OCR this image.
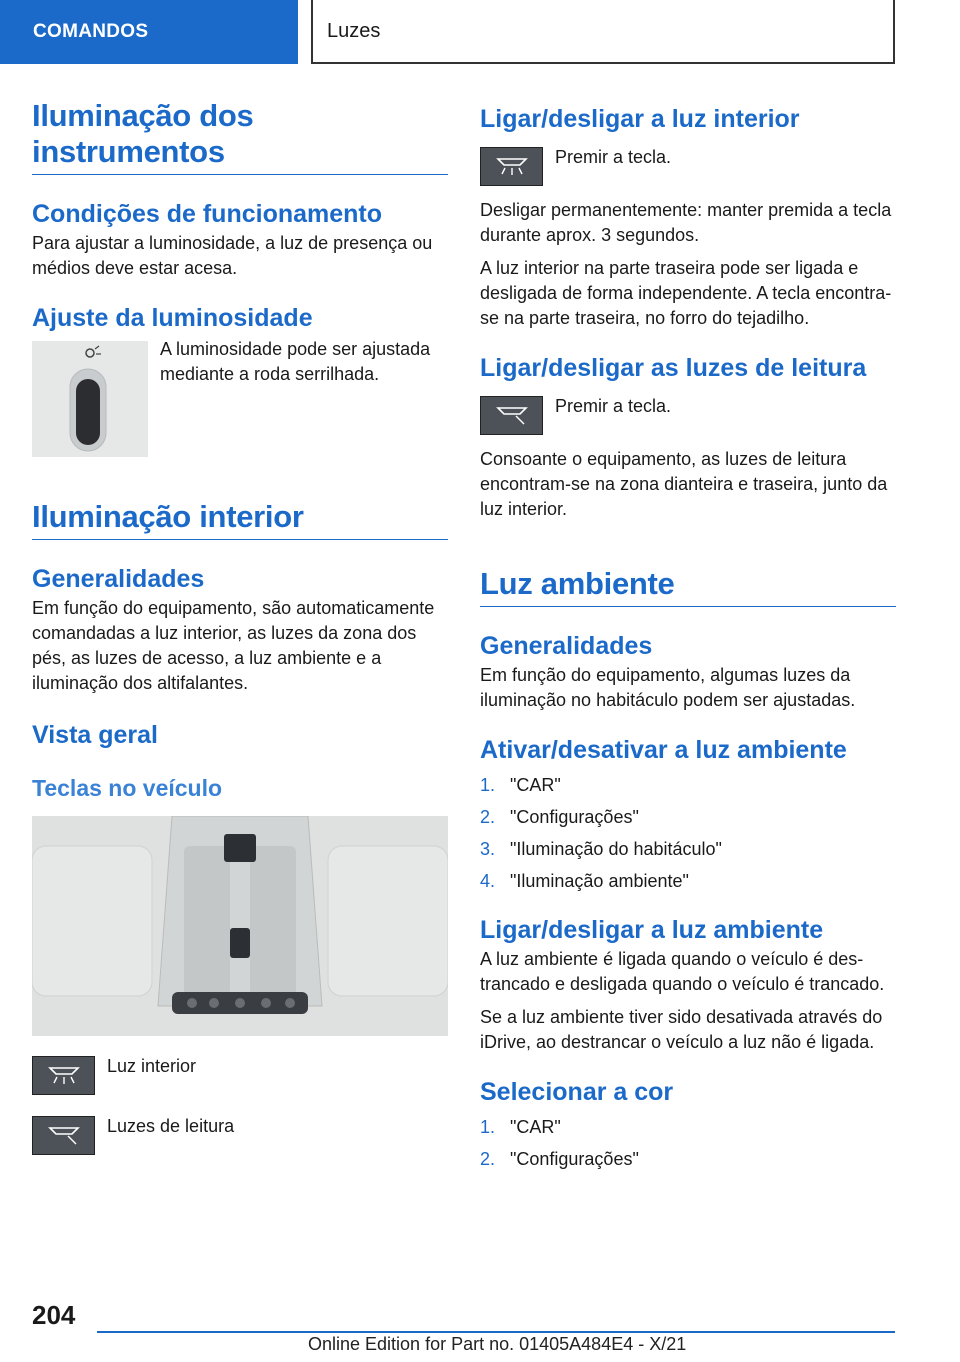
COMANDOS	Luzes
Iluminação dos instrumentos
Condições de funcionamento

Para ajustar a luminosidade, a luz de presença ou médios deve estar acesa.

Ajuste da luminosidade

A luminosidade pode ser ajustada mediante a roda serrilhada.

Iluminação interior
Generalidades

Em função do equipamento, são automaticamente comandadas a luz interior, as luzes da zona dos pés, as luzes de acesso, a luz ambiente e a iluminação dos altifalantes.

Vista geral
Teclas no veículo

Luz interior

Luzes de leitura

Ligar/desligar a luz interior

Premir a tecla.

Desligar permanentemente: manter premida a tecla durante aprox. 3 segundos.

A luz interior na parte traseira pode ser ligada e desligada de forma independente. A tecla encontra-se na parte traseira, no forro do tejadilho.

Ligar/desligar as luzes de leitura

Premir a tecla.

Consoante o equipamento, as luzes de leitura encontram-se na zona dianteira e traseira, junto da luz interior.

Luz ambiente
Generalidades

Em função do equipamento, algumas luzes da iluminação no habitáculo podem ser ajustadas.

Ativar/desativar a luz ambiente
1. "CAR"
2. "Configurações"
3. "Iluminação do habitáculo"
4. "Iluminação ambiente"
Ligar/desligar a luz ambiente

A luz ambiente é ligada quando o veículo é destrancado e desligada quando o veículo é trancado.

Se a luz ambiente tiver sido desativada através do iDrive, ao destrancar o veículo a luz não é ligada.

Selecionar a cor
1. "CAR"
2. "Configurações"
204
Online Edition for Part no. 01405A484E4 - X/21
